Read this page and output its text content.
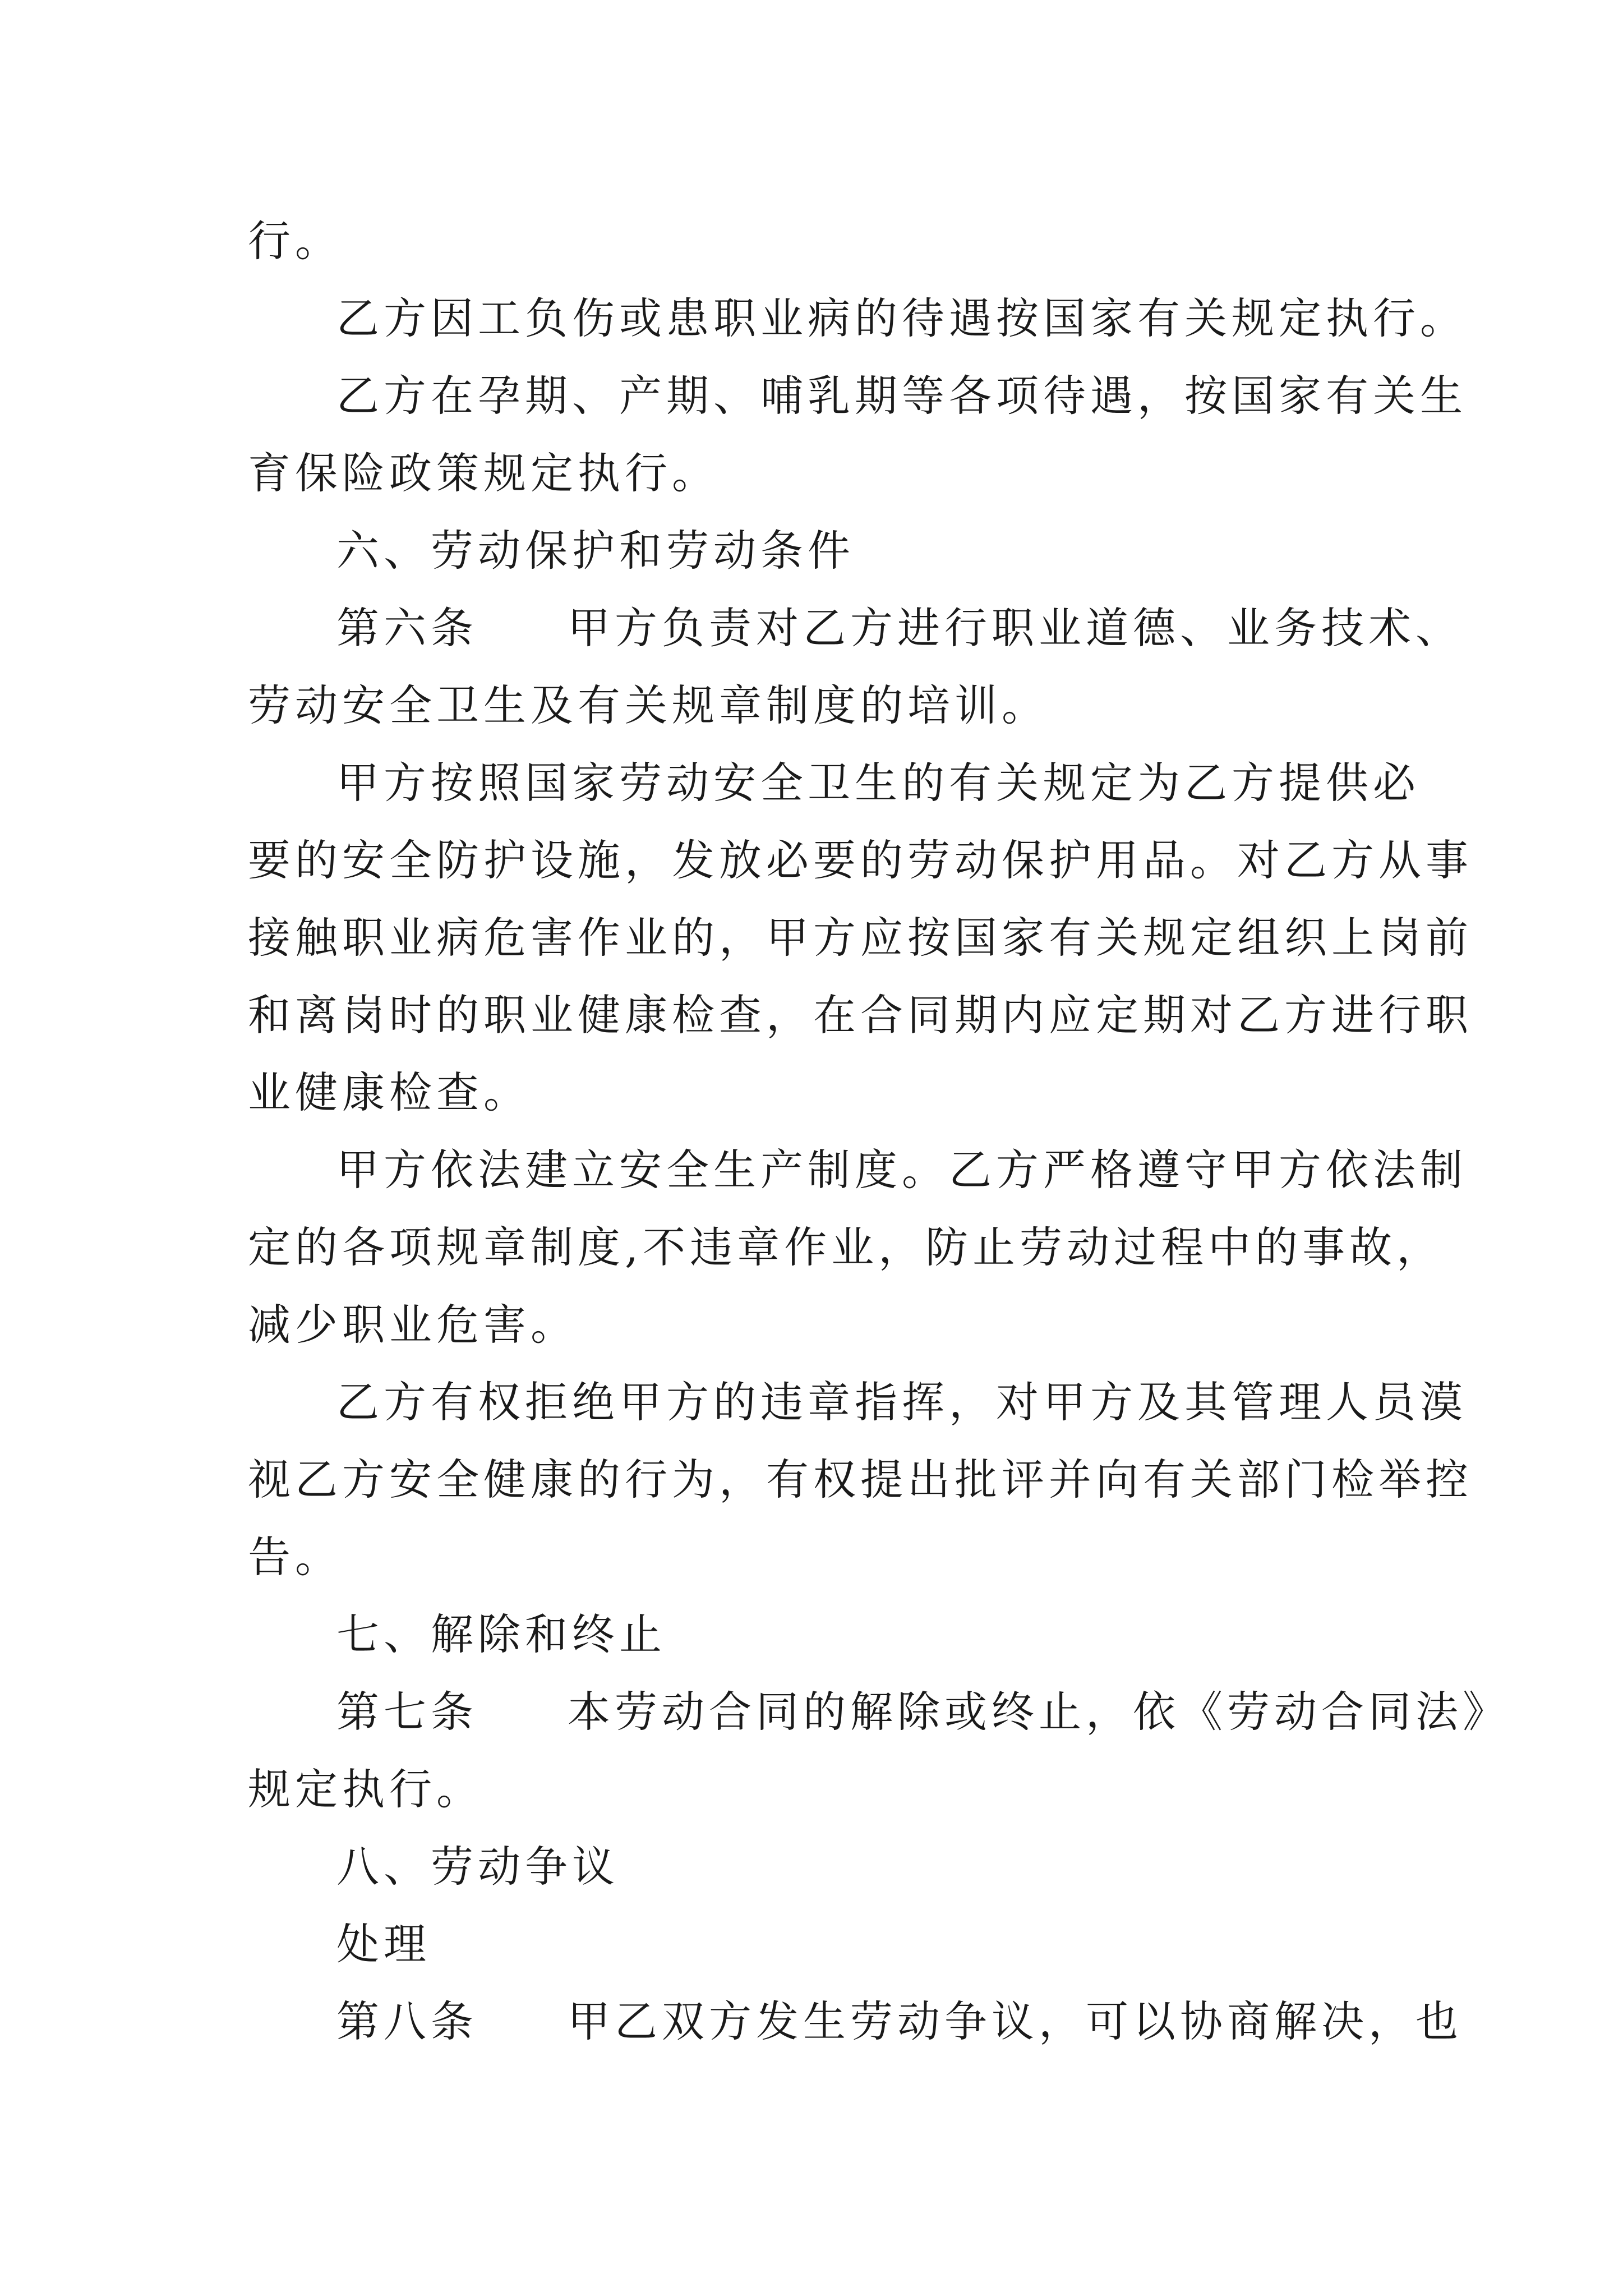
行。
乙方因工负伤或患职业病的待遇按国家有关规定执行。
乙方在孕期、产期、哺乳期等各项待遇，按国家有关生
育保险政策规定执行。
六、劳动保护和劳动条件
第六条 甲方负责对乙方进行职业道德、业务技术、
劳动安全卫生及有关规章制度的培训。
甲方按照国家劳动安全卫生的有关规定为乙方提供必
要的安全防护设施，发放必要的劳动保护用品。对乙方从事
接触职业病危害作业的，甲方应按国家有关规定组织上岗前
和离岗时的职业健康检查，在合同期内应定期对乙方进行职
业健康检查。
甲方依法建立安全生产制度。乙方严格遵守甲方依法制
定的各项规章制度,不违章作业，防止劳动过程中的事故，
减少职业危害。
乙方有权拒绝甲方的违章指挥，对甲方及其管理人员漠
视乙方安全健康的行为，有权提出批评并向有关部门检举控
告。
七、解除和终止
第七条 本劳动合同的解除或终止，依《劳动合同法》
规定执行。
八、劳动争议
处理
第八条 甲乙双方发生劳动争议，可以协商解决，也
